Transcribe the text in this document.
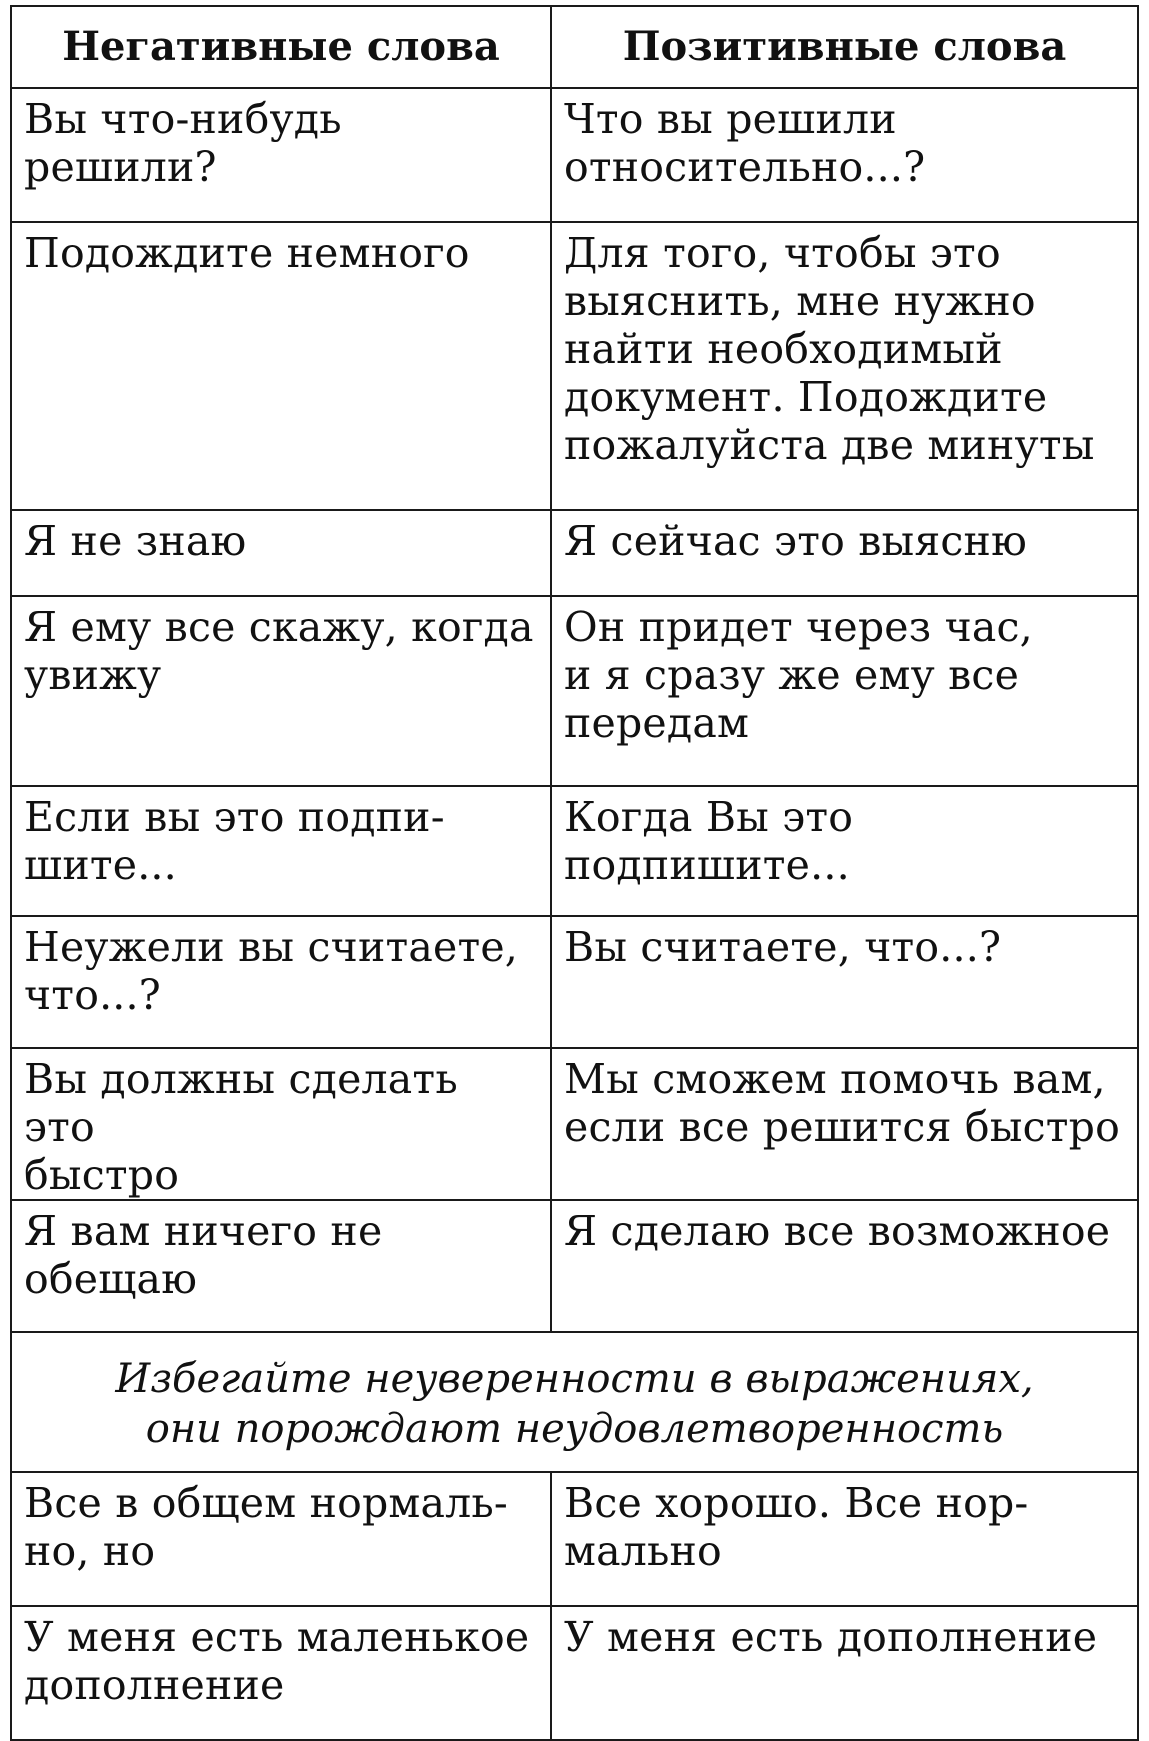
Негативные слова	Позитивные слова

Вы что-нибудь решили?	Что вы решили
относительно...?

Подождите немного	Для того, чтобы это
выяснить, мне нужно
найти необходимый
документ. Подождите
пожалуйста две минуты

Я не знаю	Я сейчас это выясню

Я ему все скажу, когда
увижу	Он придет через час,
и я сразу же ему все
передам

Если вы это подпи-
шите...	Когда Вы это подпишите...

Неужели вы считаете,
что...?	Вы считаете, что...?

Вы должны сделать это
быстро	Мы сможем помочь вам,
если все решится быстро

Я вам ничего не
обещаю	Я сделаю все возможное

Избегайте неуверенности в выражениях,
они порождают неудовлетворенность	

Все в общем нормаль-
но, но	Все хорошо. Все нор-
мально

У меня есть маленькое
дополнение	У меня есть дополнение
